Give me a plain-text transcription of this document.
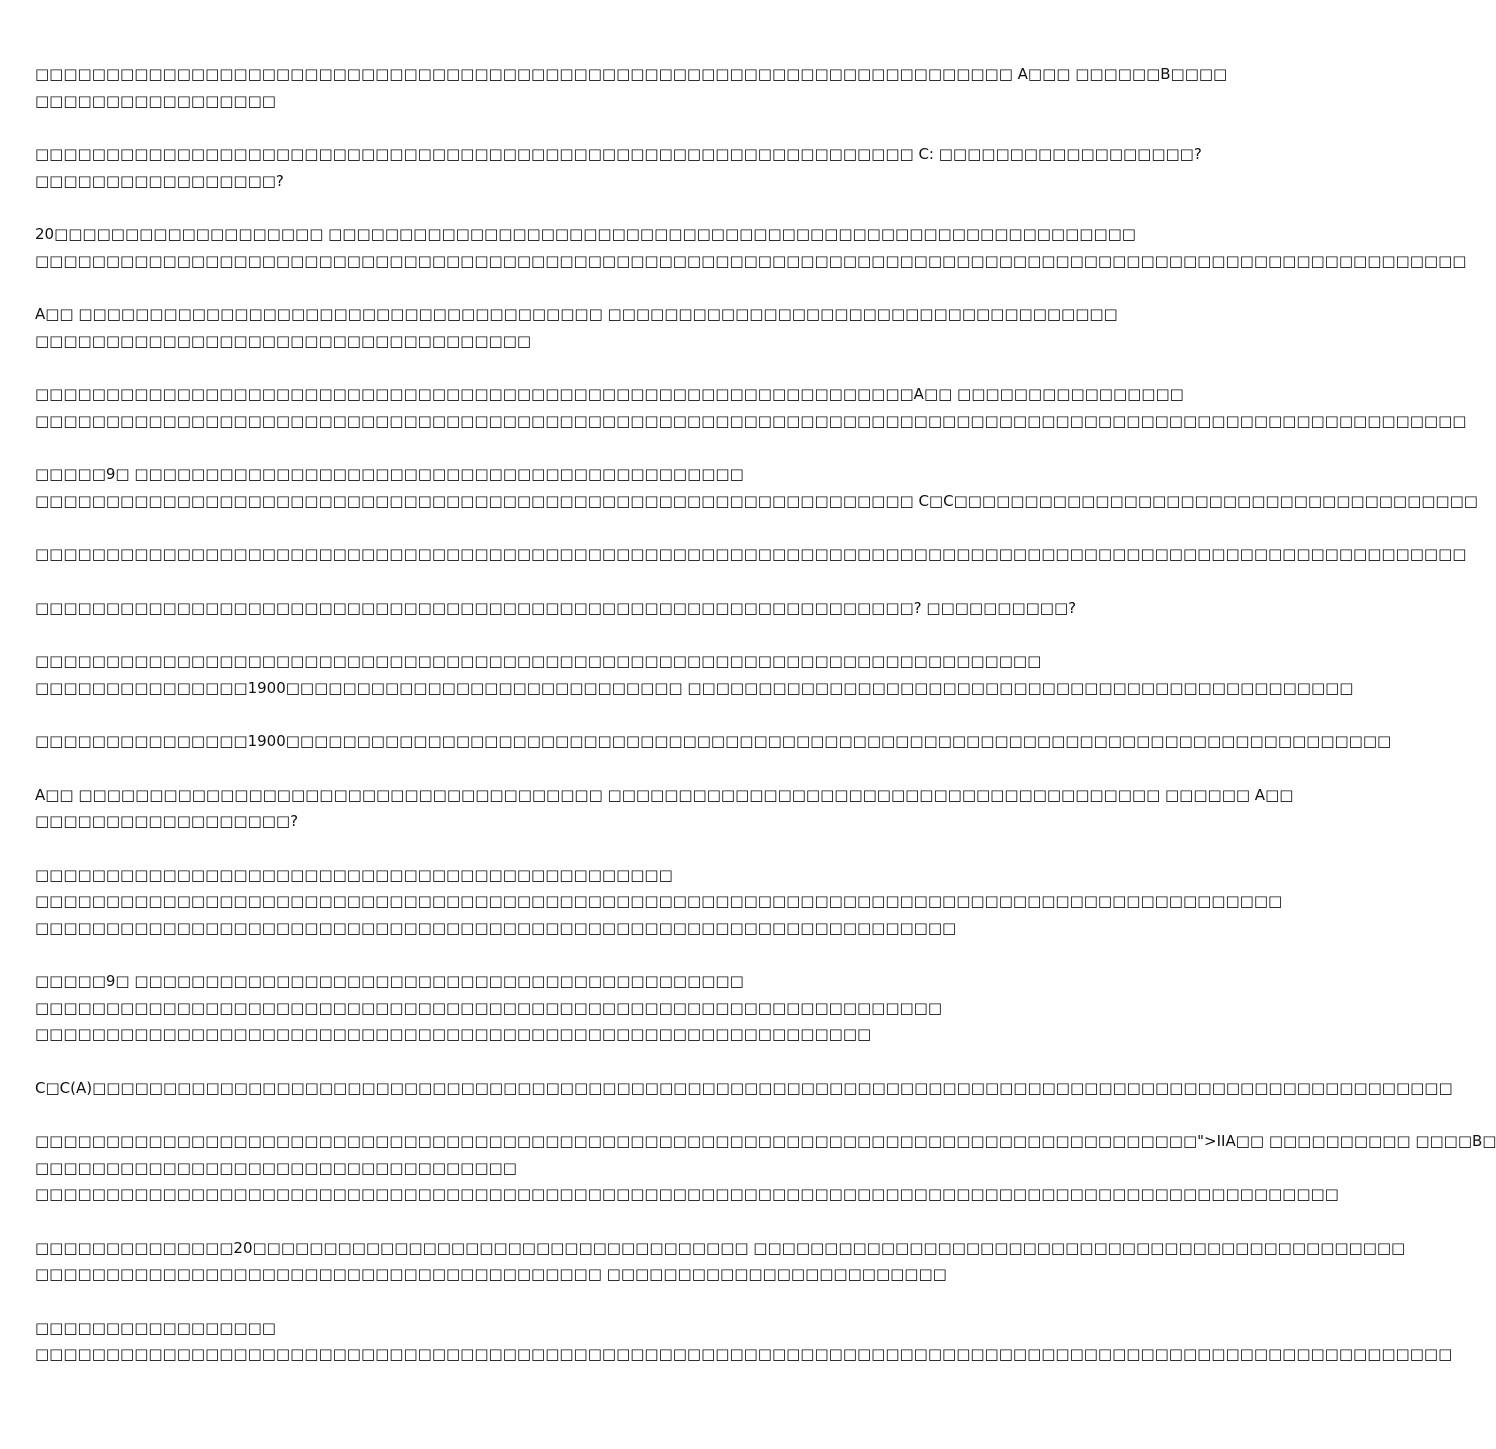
□□□□□□□□□□□□□□□□□□□□□□□□□□□□□□□□□□□□□□□□□□□□□□□□□□□□□□□□□□□□□□□□□□□□□ A□□□ □□□□□□B□□□□
□□□□□□□□□□□□□□□□□
□□□□□□□□□□□□□□□□□□□□□□□□□□□□□□□□□□□□□□□□□□□□□□□□□□□□□□□□□□□□□□ C: □□□□□□□□□□□□□□□□□□?
□□□□□□□□□□□□□□□□□?
20□□□□□□□□□□□□□□□□□□□ □□□□□□□□□□□□□□□□□□□□□□□□□□□□□□□□□□□□□□□□□□□□□□□□□□□□□□□□□
□□□□□□□□□□□□□□□□□□□□□□□□□□□□□□□□□□□□□□□□□□□□□□□□□□□□□□□□□□□□□□□□□□□□□□□□□□□□□□□□□□□□□□□□□□□□□□□□□□□□□
A□□ □□□□□□□□□□□□□□□□□□□□□□□□□□□□□□□□□□□□□ □□□□□□□□□□□□□□□□□□□□□□□□□□□□□□□□□□□□
□□□□□□□□□□□□□□□□□□□□□□□□□□□□□□□□□□□
□□□□□□□□□□□□□□□□□□□□□□□□□□□□□□□□□□□□□□□□□□□□□□□□□□□□□□□□□□□□□□A□□ □□□□□□□□□□□□□□□□
□□□□□□□□□□□□□□□□□□□□□□□□□□□□□□□□□□□□□□□□□□□□□□□□□□□□□□□□□□□□□□□□□□□□□□□□□□□□□□□□□□□□□□□□□□□□□□□□□□□□□
□□□□□9□ □□□□□□□□□□□□□□□□□□□□□□□□□□□□□□□□□□□□□□□□□□□
□□□□□□□□□□□□□□□□□□□□□□□□□□□□□□□□□□□□□□□□□□□□□□□□□□□□□□□□□□□□□□ C□C□□□□□□□□□□□□□□□□□□□□□□□□□□□□□□□□□□□□□
□□□□□□□□□□□□□□□□□□□□□□□□□□□□□□□□□□□□□□□□□□□□□□□□□□□□□□□□□□□□□□□□□□□□□□□□□□□□□□□□□□□□□□□□□□□□□□□□□□□□□
□□□□□□□□□□□□□□□□□□□□□□□□□□□□□□□□□□□□□□□□□□□□□□□□□□□□□□□□□□□□□□? □□□□□□□□□□?
□□□□□□□□□□□□□□□□□□□□□□□□□□□□□□□□□□□□□□□□□□□□□□□□□□□□□□□□□□□□□□□□□□□□□□□
□□□□□□□□□□□□□□□1900□□□□□□□□□□□□□□□□□□□□□□□□□□□□ □□□□□□□□□□□□□□□□□□□□□□□□□□□□□□□□□□□□□□□□□□□□□□□
□□□□□□□□□□□□□□□1900□□□□□□□□□□□□□□□□□□□□□□□□□□□□□□□□□□□□□□□□□□□□□□□□□□□□□□□□□□□□□□□□□□□□□□□□□□□□□□
A□□ □□□□□□□□□□□□□□□□□□□□□□□□□□□□□□□□□□□□□ □□□□□□□□□□□□□□□□□□□□□□□□□□□□□□□□□□□□□□□ □□□□□□ A□□
□□□□□□□□□□□□□□□□□□?
□□□□□□□□□□□□□□□□□□□□□□□□□□□□□□□□□□□□□□□□□□□□□
□□□□□□□□□□□□□□□□□□□□□□□□□□□□□□□□□□□□□□□□□□□□□□□□□□□□□□□□□□□□□□□□□□□□□□□□□□□□□□□□□□□□□□□□
□□□□□□□□□□□□□□□□□□□□□□□□□□□□□□□□□□□□□□□□□□□□□□□□□□□□□□□□□□□□□□□□□
□□□□□9□ □□□□□□□□□□□□□□□□□□□□□□□□□□□□□□□□□□□□□□□□□□□
□□□□□□□□□□□□□□□□□□□□□□□□□□□□□□□□□□□□□□□□□□□□□□□□□□□□□□□□□□□□□□□□
□□□□□□□□□□□□□□□□□□□□□□□□□□□□□□□□□□□□□□□□□□□□□□□□□□□□□□□□□□□
C□C(A)□□□□□□□□□□□□□□□□□□□□□□□□□□□□□□□□□□□□□□□□□□□□□□□□□□□□□□□□□□□□□□□□□□□□□□□□□□□□□□□□□□□□□□□□□□□□□□□□
□□□□□□□□□□□□□□□□□□□□□□□□□□□□□□□□□□□□□□□□□□□□□□□□□□□□□□□□□□□□□□□□□□□□□□□□□□□□□□□□□□">IIA□□ □□□□□□□□□□ □□□□B□
□□□□□□□□□□□□□□□□□□□□□□□□□□□□□□□□□□
□□□□□□□□□□□□□□□□□□□□□□□□□□□□□□□□□□□□□□□□□□□□□□□□□□□□□□□□□□□□□□□□□□□□□□□□□□□□□□□□□□□□□□□□□□□□
□□□□□□□□□□□□□□20□□□□□□□□□□□□□□□□□□□□□□□□□□□□□□□□□□□ □□□□□□□□□□□□□□□□□□□□□□□□□□□□□□□□□□□□□□□□□□□□□□
□□□□□□□□□□□□□□□□□□□□□□□□□□□□□□□□□□□□□□□□ □□□□□□□□□□□□□□□□□□□□□□□□
□□□□□□□□□□□□□□□□□
□□□□□□□□□□□□□□□□□□□□□□□□□□□□□□□□□□□□□□□□□□□□□□□□□□□□□□□□□□□□□□□□□□□□□□□□□□□□□□□□□□□□□□□□□□□□□□□□□□□□
